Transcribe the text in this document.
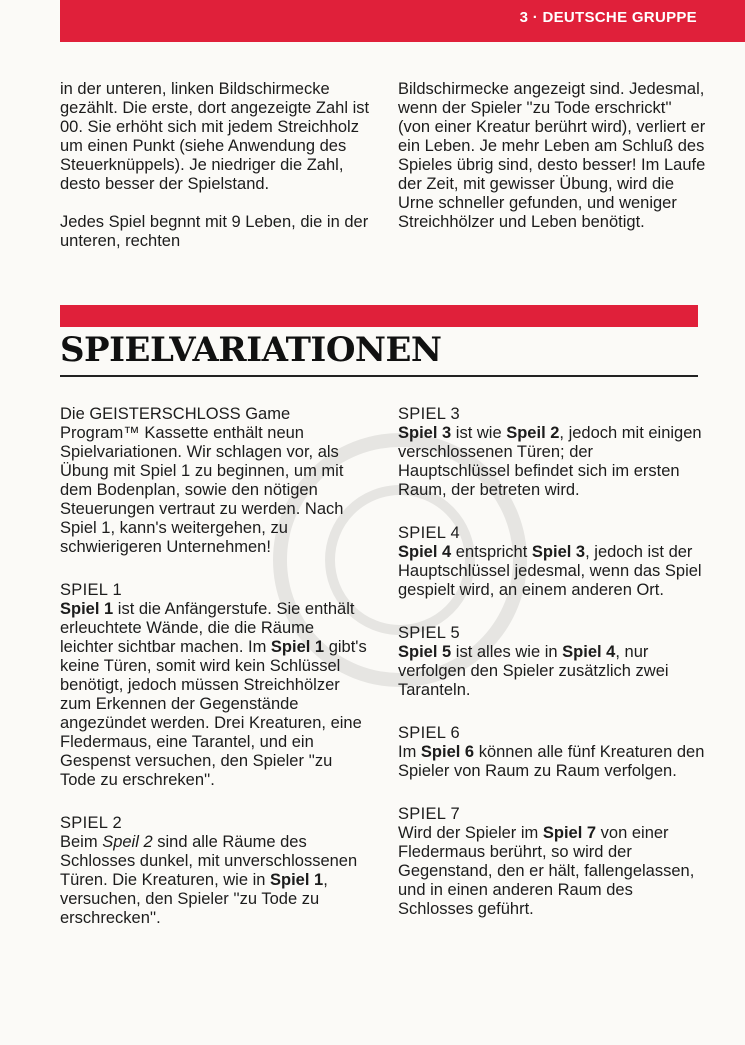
3 · DEUTSCHE GRUPPE

in der unteren, linken Bildschirmecke gezählt. Die erste, dort angezeigte Zahl ist 00. Sie erhöht sich mit jedem Streichholz um einen Punkt (siehe Anwendung des Steuerknüppels). Je niedriger die Zahl, desto besser der Spielstand.

Jedes Spiel begnnt mit 9 Leben, die in der unteren, rechten

Bildschirmecke angezeigt sind. Jedesmal, wenn der Spieler ''zu Tode erschrickt'' (von einer Kreatur berührt wird), verliert er ein Leben. Je mehr Leben am Schluß des Spieles übrig sind, desto besser! Im Laufe der Zeit, mit gewisser Übung, wird die Urne schneller gefunden, und weniger Streichhölzer und Leben benötigt.

SPIELVARIATIONEN

Die GEISTERSCHLOSS Game Program™ Kassette enthält neun Spielvariationen. Wir schlagen vor, als Übung mit Spiel 1 zu beginnen, um mit dem Bodenplan, sowie den nötigen Steuerungen vertraut zu werden. Nach Spiel 1, kann's weitergehen, zu schwierigeren Unternehmen!

SPIEL 1

Spiel 1 ist die Anfängerstufe. Sie enthält erleuchtete Wände, die die Räume leichter sichtbar machen. Im Spiel 1 gibt's keine Türen, somit wird kein Schlüssel benötigt, jedoch müssen Streichhölzer zum Erkennen der Gegenstände angezündet werden. Drei Kreaturen, eine Fledermaus, eine Tarantel, und ein Gespenst versuchen, den Spieler ''zu Tode zu erschreken''.

SPIEL 2

Beim Speil 2 sind alle Räume des Schlosses dunkel, mit unverschlossenen Türen. Die Kreaturen, wie in Spiel 1, versuchen, den Spieler ''zu Tode zu erschrecken''.

SPIEL 3

Spiel 3 ist wie Speil 2, jedoch mit einigen verschlossenen Türen; der Hauptschlüssel befindet sich im ersten Raum, der betreten wird.

SPIEL 4

Spiel 4 entspricht Spiel 3, jedoch ist der Hauptschlüssel jedesmal, wenn das Spiel gespielt wird, an einem anderen Ort.

SPIEL 5

Spiel 5 ist alles wie in Spiel 4, nur verfolgen den Spieler zusätzlich zwei Taranteln.

SPIEL 6

Im Spiel 6 können alle fünf Kreaturen den Spieler von Raum zu Raum verfolgen.

SPIEL 7

Wird der Spieler im Spiel 7 von einer Fledermaus berührt, so wird der Gegenstand, den er hält, fallengelassen, und in einen anderen Raum des Schlosses geführt.
